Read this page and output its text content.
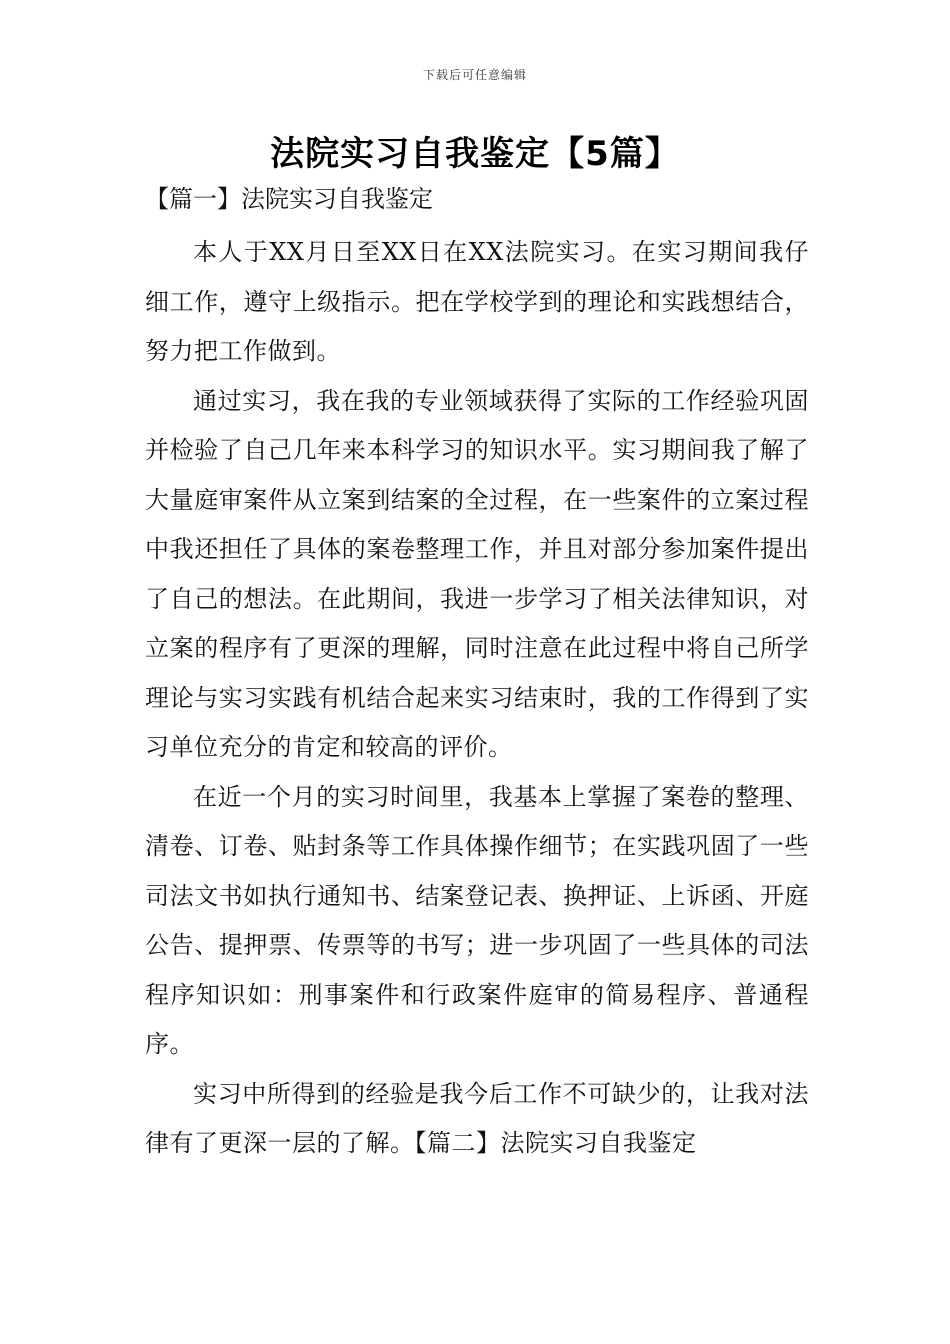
下载后可任意编辑
法院实习自我鉴定【5篇】
【篇一】法院实习自我鉴定

本人于XX月日至XX日在XX法院实习。在实习期间我仔细工作，遵守上级指示。把在学校学到的理论和实践想结合，努力把工作做到。

通过实习，我在我的专业领域获得了实际的工作经验巩固并检验了自己几年来本科学习的知识水平。实习期间我了解了大量庭审案件从立案到结案的全过程，在一些案件的立案过程中我还担任了具体的案卷整理工作，并且对部分参加案件提出了自己的想法。在此期间，我进一步学习了相关法律知识，对立案的程序有了更深的理解，同时注意在此过程中将自己所学理论与实习实践有机结合起来实习结束时，我的工作得到了实习单位充分的肯定和较高的评价。

在近一个月的实习时间里，我基本上掌握了案卷的整理、清卷、订卷、贴封条等工作具体操作细节；在实践巩固了一些司法文书如执行通知书、结案登记表、换押证、上诉函、开庭公告、提押票、传票等的书写；进一步巩固了一些具体的司法程序知识如：刑事案件和行政案件庭审的简易程序、普通程序。

实习中所得到的经验是我今后工作不可缺少的，让我对法律有了更深一层的了解。【篇二】法院实习自我鉴定
